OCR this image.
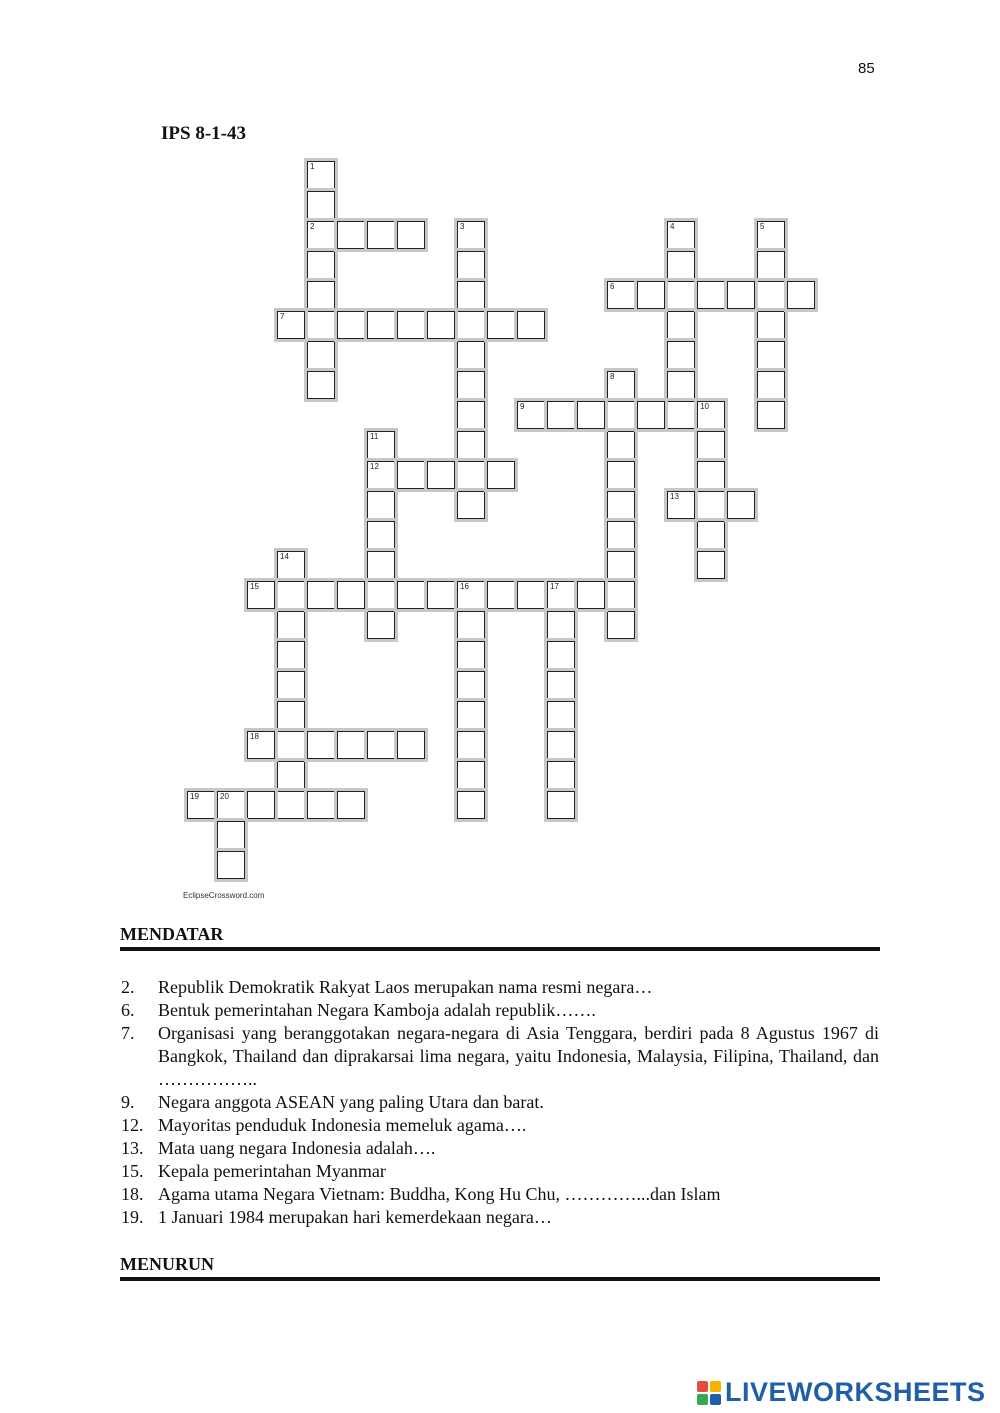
85
IPS 8-1-43
1
2	3	4	5
6
7
8
9	10
11
12
13
14
15	16	17
18
19	20
EclipseCrossword.com
MENDATAR
2.	Republik Demokratik Rakyat Laos merupakan nama resmi negara…
6.	Bentuk pemerintahan Negara Kamboja adalah republik…….
7.	Organisasi yang beranggotakan negara-negara di Asia Tenggara, berdiri pada 8 Agustus 1967 di Bangkok, Thailand dan diprakarsai lima negara, yaitu Indonesia, Malaysia, Filipina, Thailand, dan ……………..
9.	Negara anggota ASEAN yang paling Utara dan barat.
12. Mayoritas penduduk Indonesia memeluk agama….
13. Mata uang negara Indonesia adalah….
15. Kepala pemerintahan Myanmar
18. Agama utama Negara Vietnam: Buddha, Kong Hu Chu, …………...dan Islam
19. 1 Januari 1984 merupakan hari kemerdekaan negara…
MENURUN
LIVEWORKSHEETS
